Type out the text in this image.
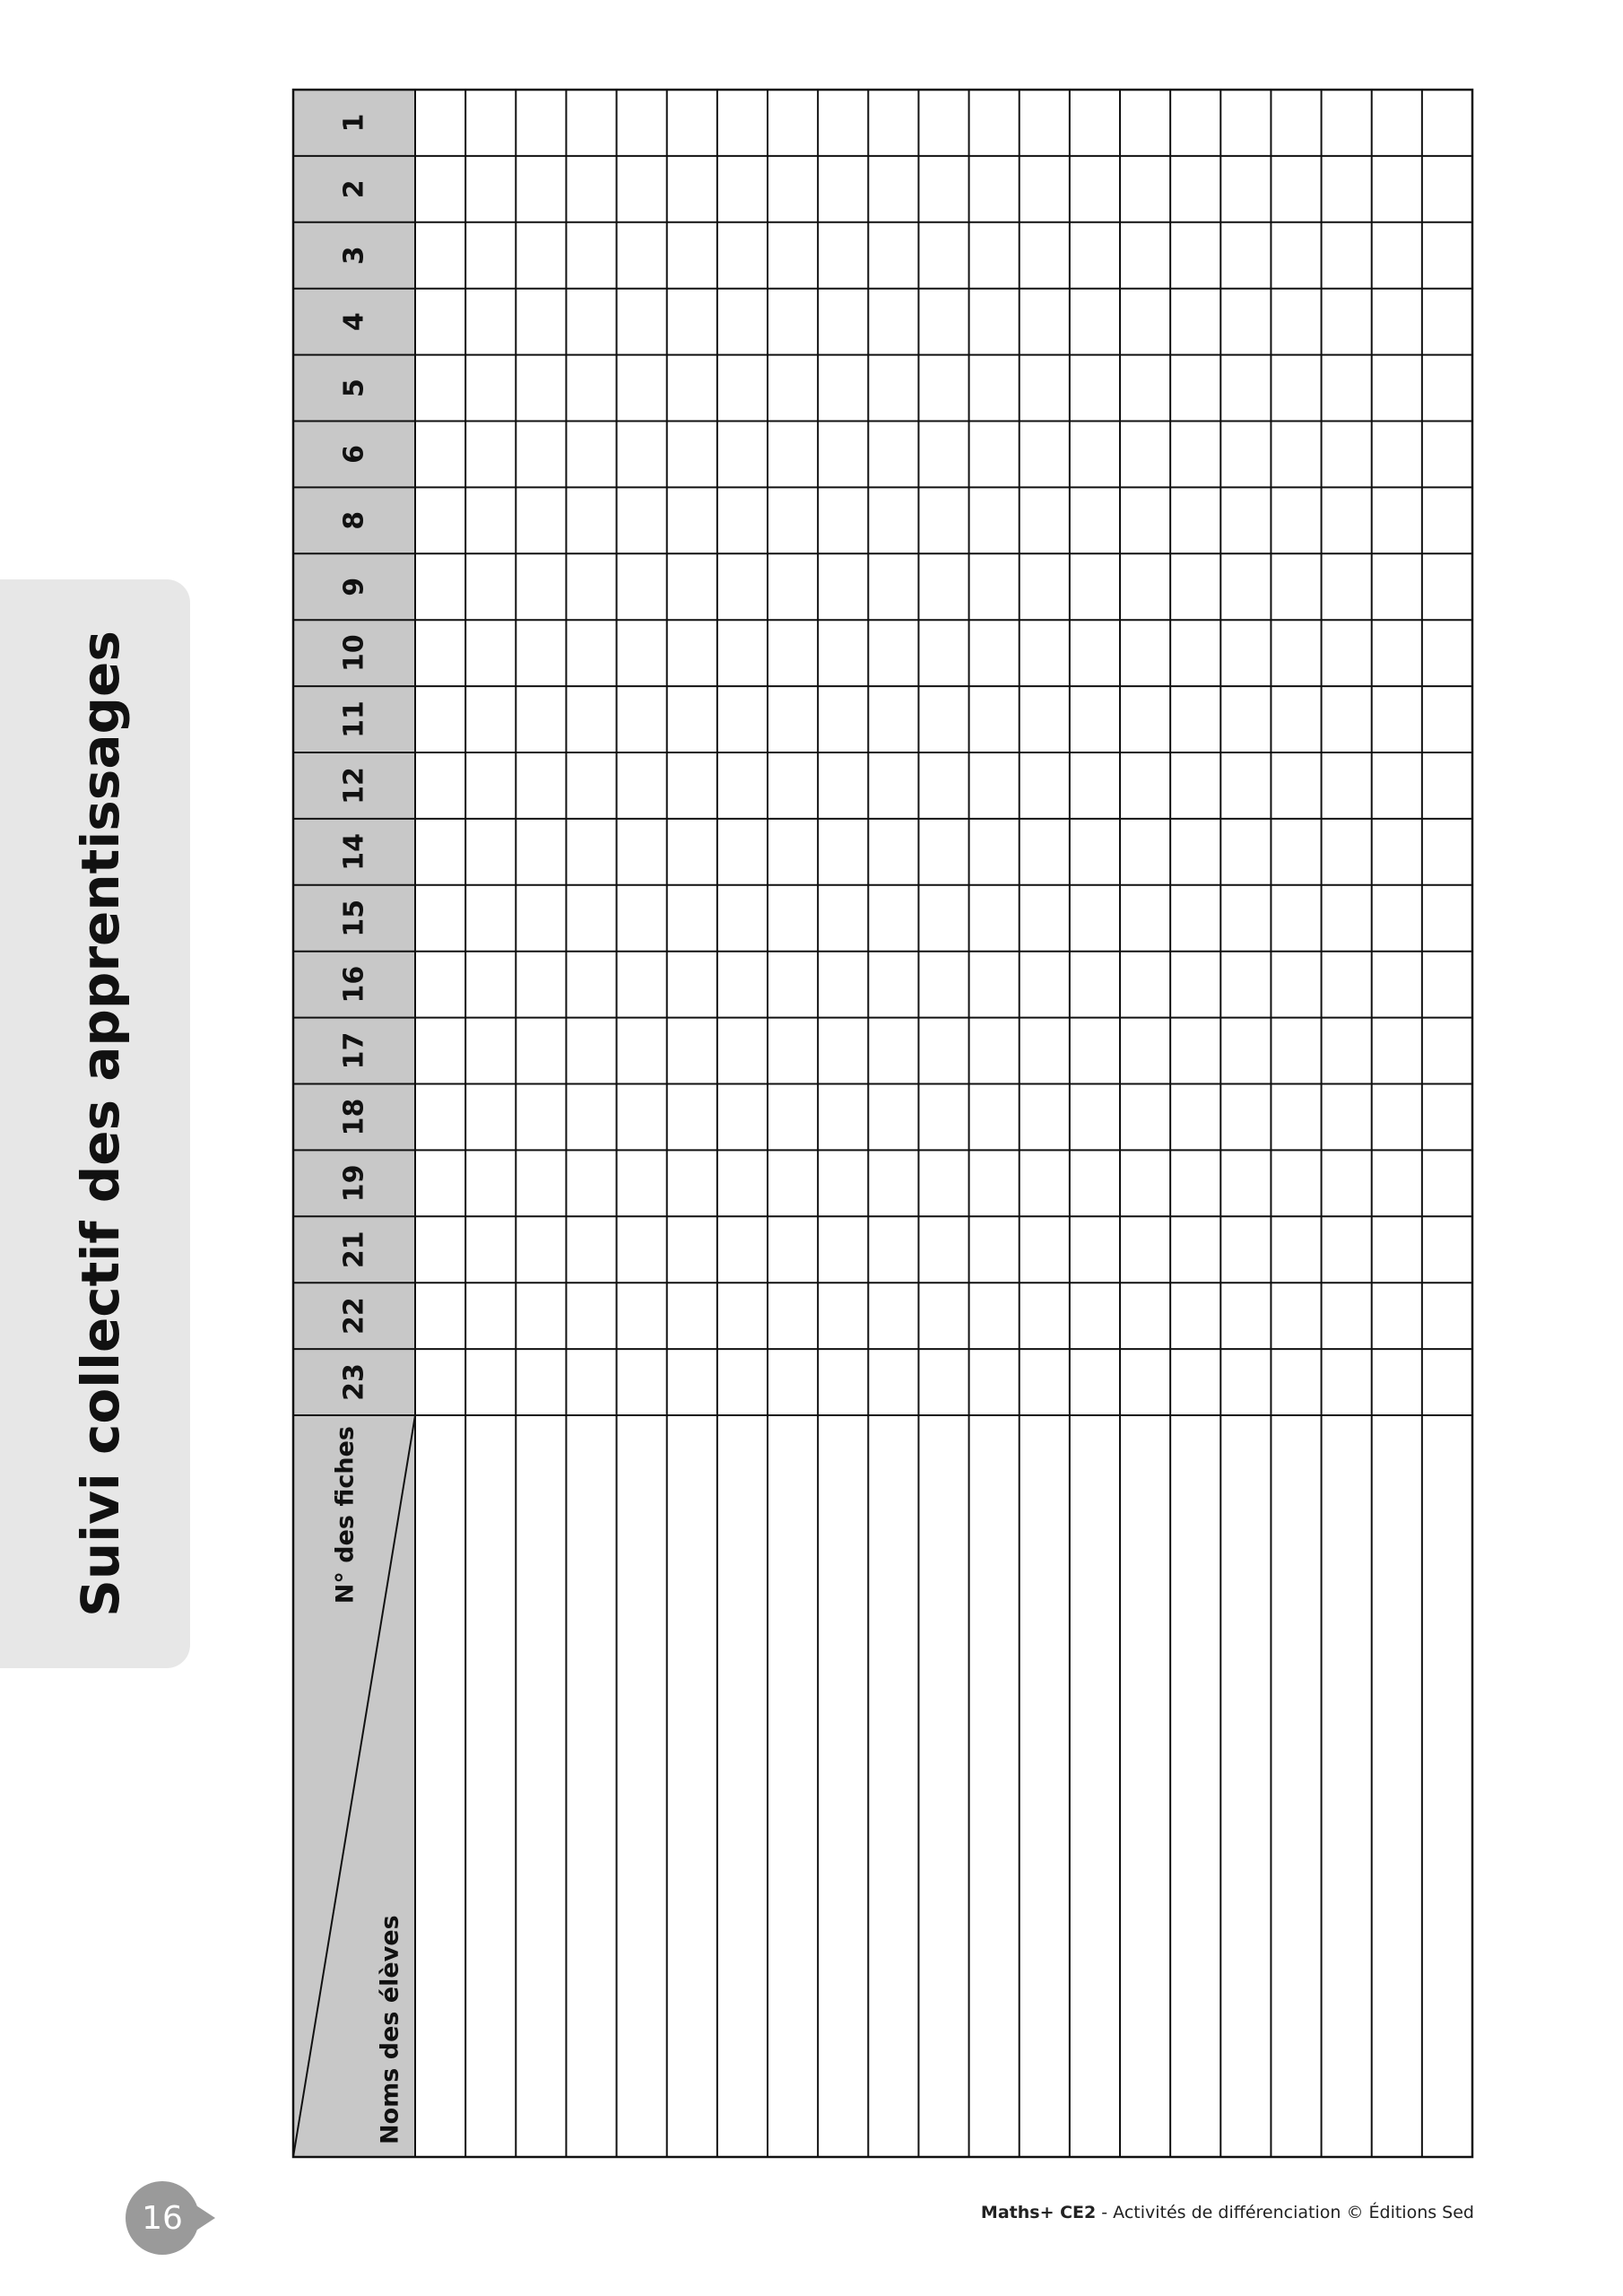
Suivi collectif des apprentissages
1
2
3
4
5
6
8
9
10
11
12
14
15
16
17
18
19
21
22
23
N° des fiches
Noms des élèves
16	Maths+ CE2 - Activités de différenciation © Éditions Sed
